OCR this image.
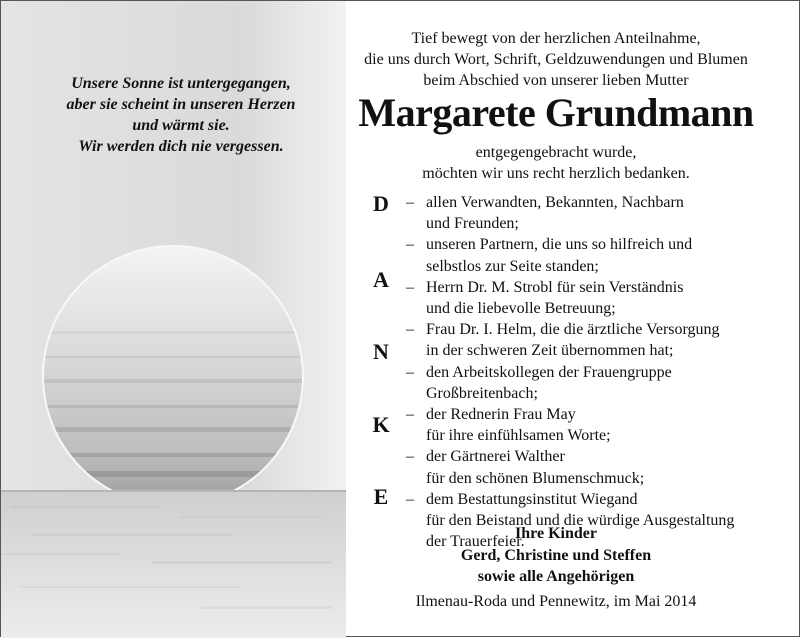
Unsere Sonne ist untergegangen,
aber sie scheint in unseren Herzen
und wärmt sie.
Wir werden dich nie vergessen.
Tief bewegt von der herzlichen Anteilnahme,
die uns durch Wort, Schrift, Geldzuwendungen und Blumen
beim Abschied von unserer lieben Mutter
Margarete Grundmann
entgegengebracht wurde,
möchten wir uns recht herzlich bedanken.
D
A
N
K
E
– allen Verwandten, Bekannten, Nachbarn
und Freunden;
– unseren Partnern, die uns so hilfreich und
selbstlos zur Seite standen;
– Herrn Dr. M. Strobl für sein Verständnis
und die liebevolle Betreuung;
– Frau Dr. I. Helm, die die ärztliche Versorgung
in der schweren Zeit übernommen hat;
– den Arbeitskollegen der Frauengruppe
Großbreitenbach;
– der Rednerin Frau May
für ihre einfühlsamen Worte;
– der Gärtnerei Walther
für den schönen Blumenschmuck;
– dem Bestattungsinstitut Wiegand
für den Beistand und die würdige Ausgestaltung
der Trauerfeier.
Ihre Kinder
Gerd, Christine und Steffen
sowie alle Angehörigen
Ilmenau-Roda und Pennewitz, im Mai 2014
